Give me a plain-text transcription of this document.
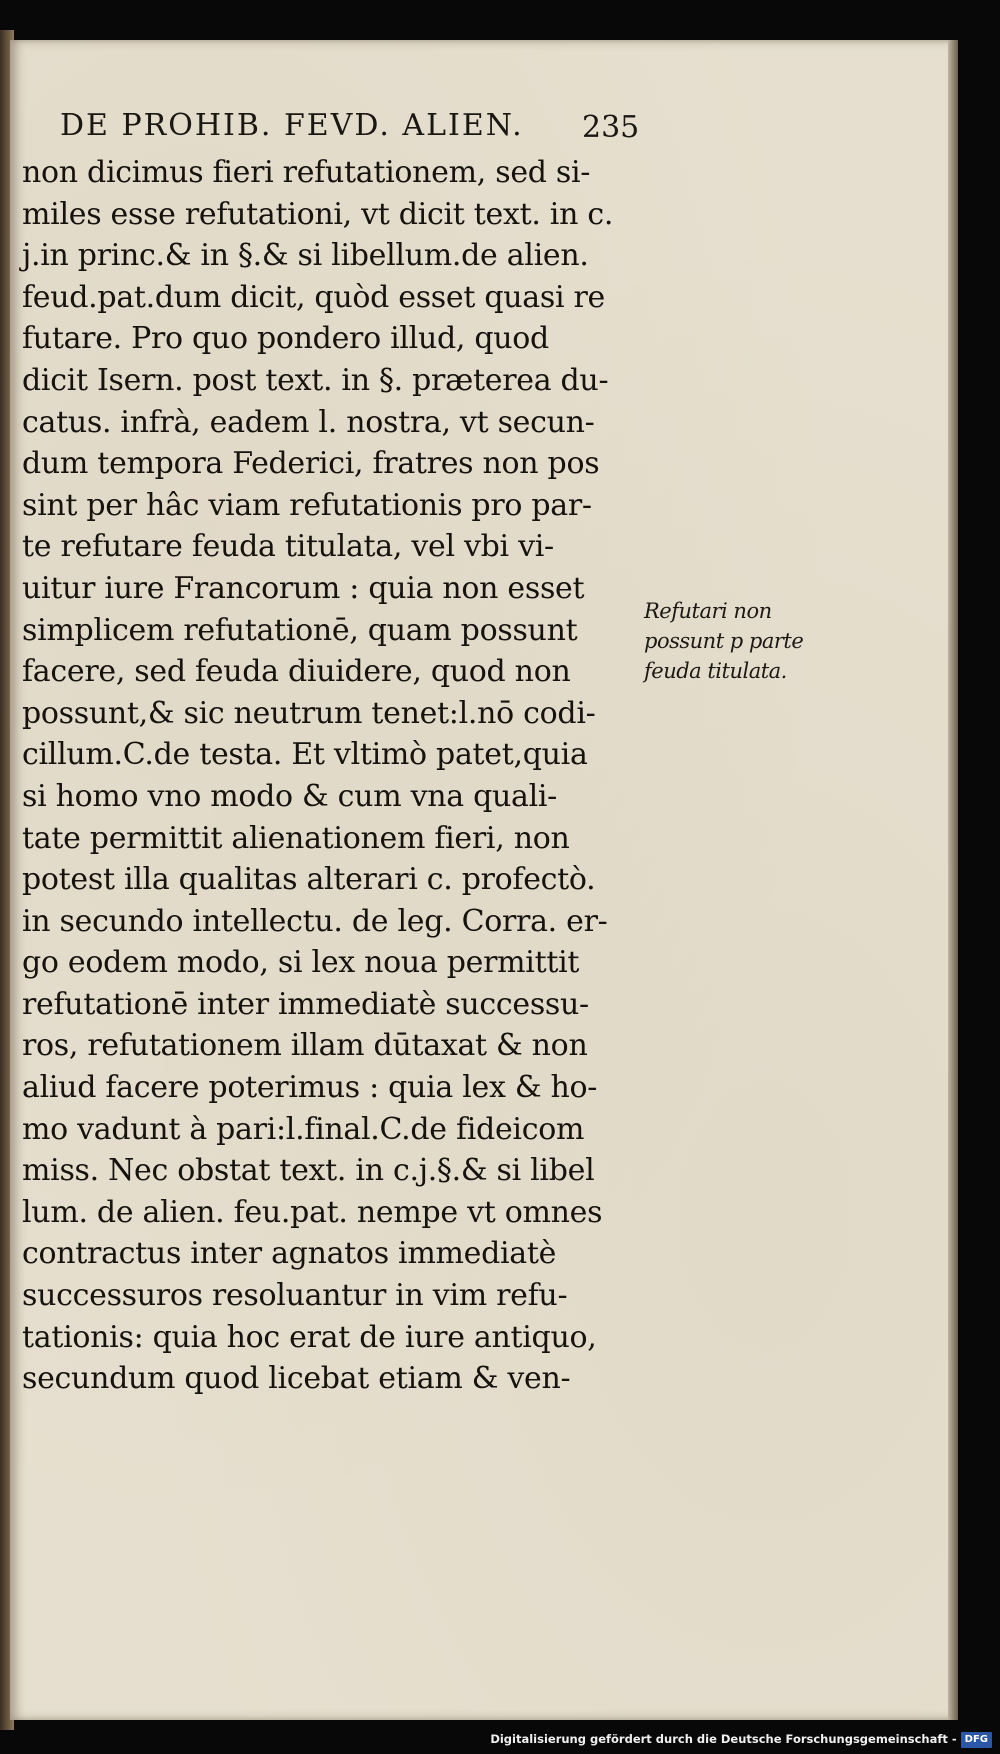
DE PROHIB. FEVD. ALIEN.	235
non dicimus fieri refutationem, sed si-
miles esse refutationi, vt dicit text. in c.
j.in princ.& in §.& si libellum.de alien.
feud.pat.dum dicit, quòd esset quasi re
futare. Pro quo pondero illud, quod
dicit Isern. post text. in §. præterea du-
catus. infrà, eadem l. nostra, vt secun-
dum tempora Federici, fratres non pos
sint per hâc viam refutationis pro par-
te refutare feuda titulata, vel vbi vi-
uitur iure Francorum : quia non esset
simplicem refutationē, quam possunt
facere, sed feuda diuidere, quod non
possunt,& sic neutrum tenet:l.nō codi-
cillum.C.de testa. Et vltimò patet,quia
si homo vno modo & cum vna quali-
tate permittit alienationem fieri, non
potest illa qualitas alterari c. profectò.
in secundo intellectu. de leg. Corra. er-
go eodem modo, si lex noua permittit
refutationē inter immediatè successu-
ros, refutationem illam dūtaxat & non
aliud facere poterimus : quia lex & ho-
mo vadunt à pari:l.final.C.de fideicom
miss. Nec obstat text. in c.j.§.& si libel
lum. de alien. feu.pat. nempe vt omnes
contractus inter agnatos immediatè
successuros resoluantur in vim refu-
tationis: quia hoc erat de iure antiquo,
secundum quod licebat etiam & ven-
Refutari non
possunt p parte
feuda titulata.
Digitalisierung gefördert durch die Deutsche Forschungsgemeinschaft - DFG
